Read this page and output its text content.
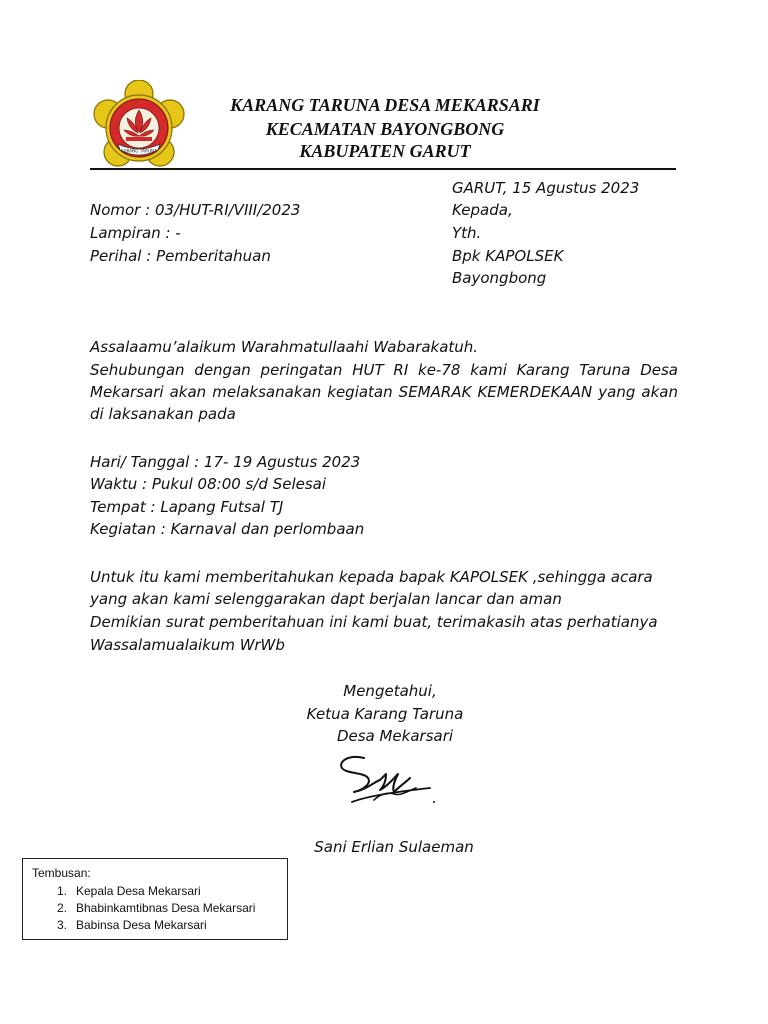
KARANG TARUNA
KARANG TARUNA DESA MEKARSARI
KECAMATAN BAYONGBONG
KABUPATEN GARUT
GARUT, 15 Agustus 2023
Nomor : 03/HUT-RI/VIII/2023
Lampiran : -
Perihal : Pemberitahuan
Kepada,
Yth.
Bpk KAPOLSEK
Bayongbong
Assalaamu’alaikum Warahmatullaahi Wabarakatuh.
Sehubungan dengan peringatan HUT RI ke-78 kami Karang Taruna Desa Mekarsari akan melaksanakan kegiatan SEMARAK KEMERDEKAAN yang akan di laksanakan pada
Hari/ Tanggal : 17- 19 Agustus 2023
Waktu : Pukul 08:00 s/d Selesai
Tempat : Lapang Futsal TJ
Kegiatan : Karnaval dan perlombaan
Untuk itu kami memberitahukan kepada bapak KAPOLSEK ,sehingga acara yang akan kami selenggarakan dapt berjalan lancar dan aman
Demikian surat pemberitahuan ini kami buat, terimakasih atas perhatianya
Wassalamualaikum WrWb
Mengetahui,
Ketua Karang Taruna
Desa Mekarsari
Sani Erlian Sulaeman
Tembusan:
1. Kepala Desa Mekarsari
2. Bhabinkamtibnas Desa Mekarsari
3. Babinsa Desa Mekarsari
